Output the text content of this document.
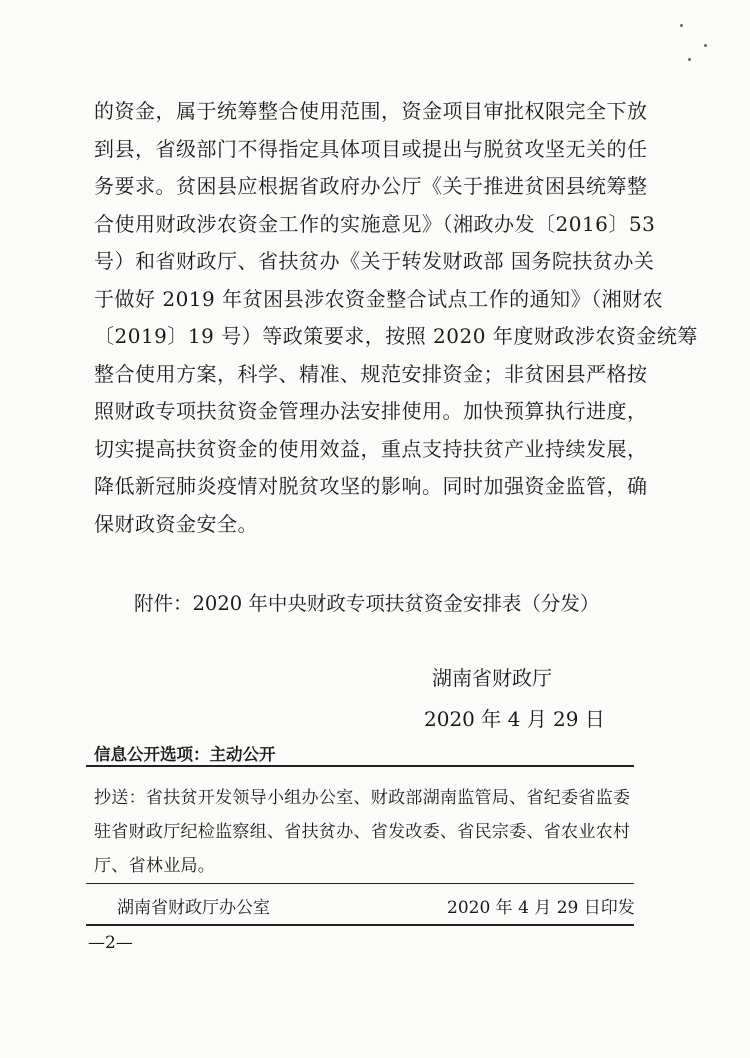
的资金，属于统筹整合使用范围，资金项目审批权限完全下放
到县，省级部门不得指定具体项目或提出与脱贫攻坚无关的任
务要求。贫困县应根据省政府办公厅《关于推进贫困县统筹整
合使用财政涉农资金工作的实施意见》（湘政办发〔2016〕53
号）和省财政厅、省扶贫办《关于转发财政部 国务院扶贫办关
于做好 2019 年贫困县涉农资金整合试点工作的通知》（湘财农
〔2019〕19 号）等政策要求，按照 2020 年度财政涉农资金统筹
整合使用方案，科学、精准、规范安排资金；非贫困县严格按
照财政专项扶贫资金管理办法安排使用。加快预算执行进度，
切实提高扶贫资金的使用效益，重点支持扶贫产业持续发展，
降低新冠肺炎疫情对脱贫攻坚的影响。同时加强资金监管，确
保财政资金安全。
附件：2020 年中央财政专项扶贫资金安排表（分发）
湖南省财政厅
2020 年 4 月 29 日
信息公开选项：主动公开
抄送：省扶贫开发领导小组办公室、财政部湖南监管局、省纪委省监委
驻省财政厅纪检监察组、省扶贫办、省发改委、省民宗委、省农业农村
厅、省林业局。
湖南省财政厅办公室	2020 年 4 月 29 日印发
—2—
